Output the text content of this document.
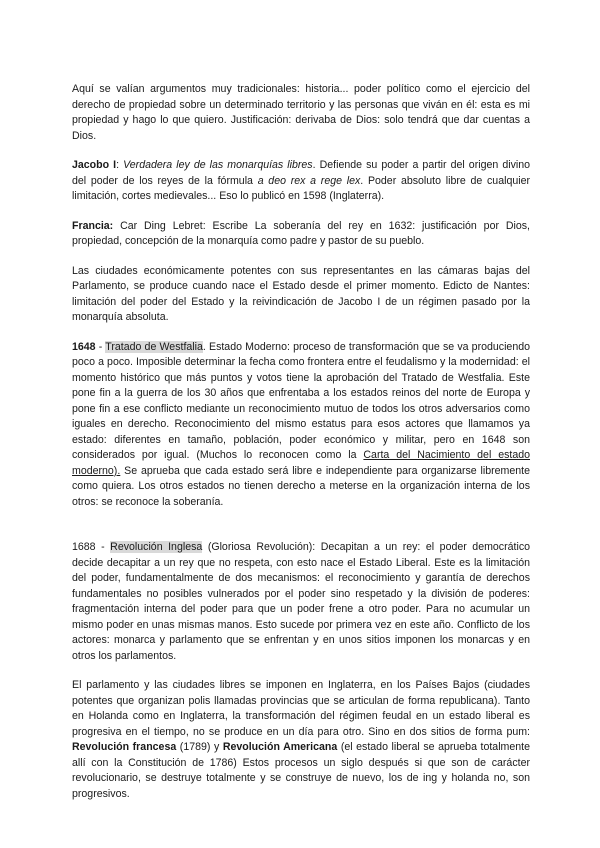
Aquí se valían argumentos muy tradicionales: historia... poder político como el ejercicio del derecho de propiedad sobre un determinado territorio y las personas que viván en él: esta es mi propiedad y hago lo que quiero. Justificación: derivaba de Dios: solo tendrá que dar cuentas a Dios.

Jacobo I: Verdadera ley de las monarquías libres. Defiende su poder a partir del origen divino del poder de los reyes de la fórmula a deo rex a rege lex. Poder absoluto libre de cualquier limitación, cortes medievales... Eso lo publicó en 1598 (Inglaterra).

Francia: Car Ding Lebret: Escribe La soberanía del rey en 1632: justificación por Dios, propiedad, concepción de la monarquía como padre y pastor de su pueblo.

Las ciudades económicamente potentes con sus representantes en las cámaras bajas del Parlamento, se produce cuando nace el Estado desde el primer momento. Edicto de Nantes: limitación del poder del Estado y la reivindicación de Jacobo I de un régimen pasado por la monarquía absoluta.

1648 - Tratado de Westfalia. Estado Moderno: proceso de transformación que se va produciendo poco a poco. Imposible determinar la fecha como frontera entre el feudalismo y la modernidad: el momento histórico que más puntos y votos tiene la aprobación del Tratado de Westfalia. Este pone fin a la guerra de los 30 años que enfrentaba a los estados reinos del norte de Europa y pone fin a ese conflicto mediante un reconocimiento mutuo de todos los otros adversarios como iguales en derecho. Reconocimiento del mismo estatus para esos actores que llamamos ya estado: diferentes en tamaño, población, poder económico y militar, pero en 1648 son considerados por igual. (Muchos lo reconocen como la Carta del Nacimiento del estado moderno). Se aprueba que cada estado será libre e independiente para organizarse libremente como quiera. Los otros estados no tienen derecho a meterse en la organización interna de los otros: se reconoce la soberanía.

1688 - Revolución Inglesa (Gloriosa Revolución): Decapitan a un rey: el poder democrático decide decapitar a un rey que no respeta, con esto nace el Estado Liberal. Este es la limitación del poder, fundamentalmente de dos mecanismos: el reconocimiento y garantía de derechos fundamentales no posibles vulnerados por el poder sino respetado y la división de poderes: fragmentación interna del poder para que un poder frene a otro poder. Para no acumular un mismo poder en unas mismas manos. Esto sucede por primera vez en este año. Conflicto de los actores: monarca y parlamento que se enfrentan y en unos sitios imponen los monarcas y en otros los parlamentos.

El parlamento y las ciudades libres se imponen en Inglaterra, en los Países Bajos (ciudades potentes que organizan polis llamadas provincias que se articulan de forma republicana). Tanto en Holanda como en Inglaterra, la transformación del régimen feudal en un estado liberal es progresiva en el tiempo, no se produce en un día para otro. Sino en dos sitios de forma pum: Revolución francesa (1789) y Revolución Americana (el estado liberal se aprueba totalmente allí con la Constitución de 1786) Estos procesos un siglo después si que son de carácter revolucionario, se destruye totalmente y se construye de nuevo, los de ing y holanda no, son progresivos.
